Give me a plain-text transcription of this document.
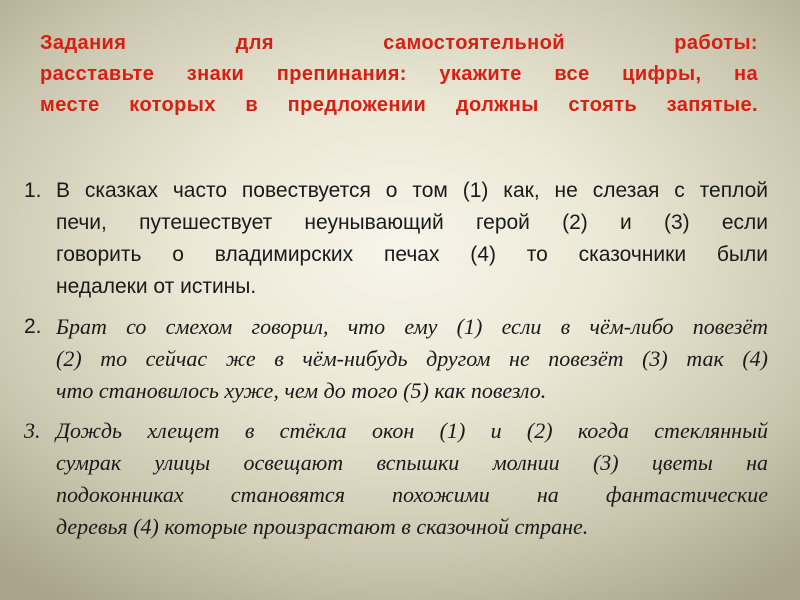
Задания для самостоятельной работы:
расставьте знаки препинания: укажите все цифры, на
месте которых в предложении должны стоять запятые.
1. В сказках часто повествуется о том (1) как, не слезая с теплой
печи, путешествует неунывающий герой (2) и (3) если
говорить о владимирских печах (4) то сказочники были
недалеки от истины.
2. Брат со смехом говорил, что ему (1) если в чём-либо повезёт
(2) то сейчас же в чём-нибудь другом не повезёт (3) так (4)
что становилось хуже, чем до того (5) как повезло.
3. Дождь хлещет в стёкла окон (1) и (2) когда стеклянный
сумрак улицы освещают вспышки молнии (3) цветы на
подоконниках становятся похожими на фантастические
деревья (4) которые произрастают в сказочной стране.
